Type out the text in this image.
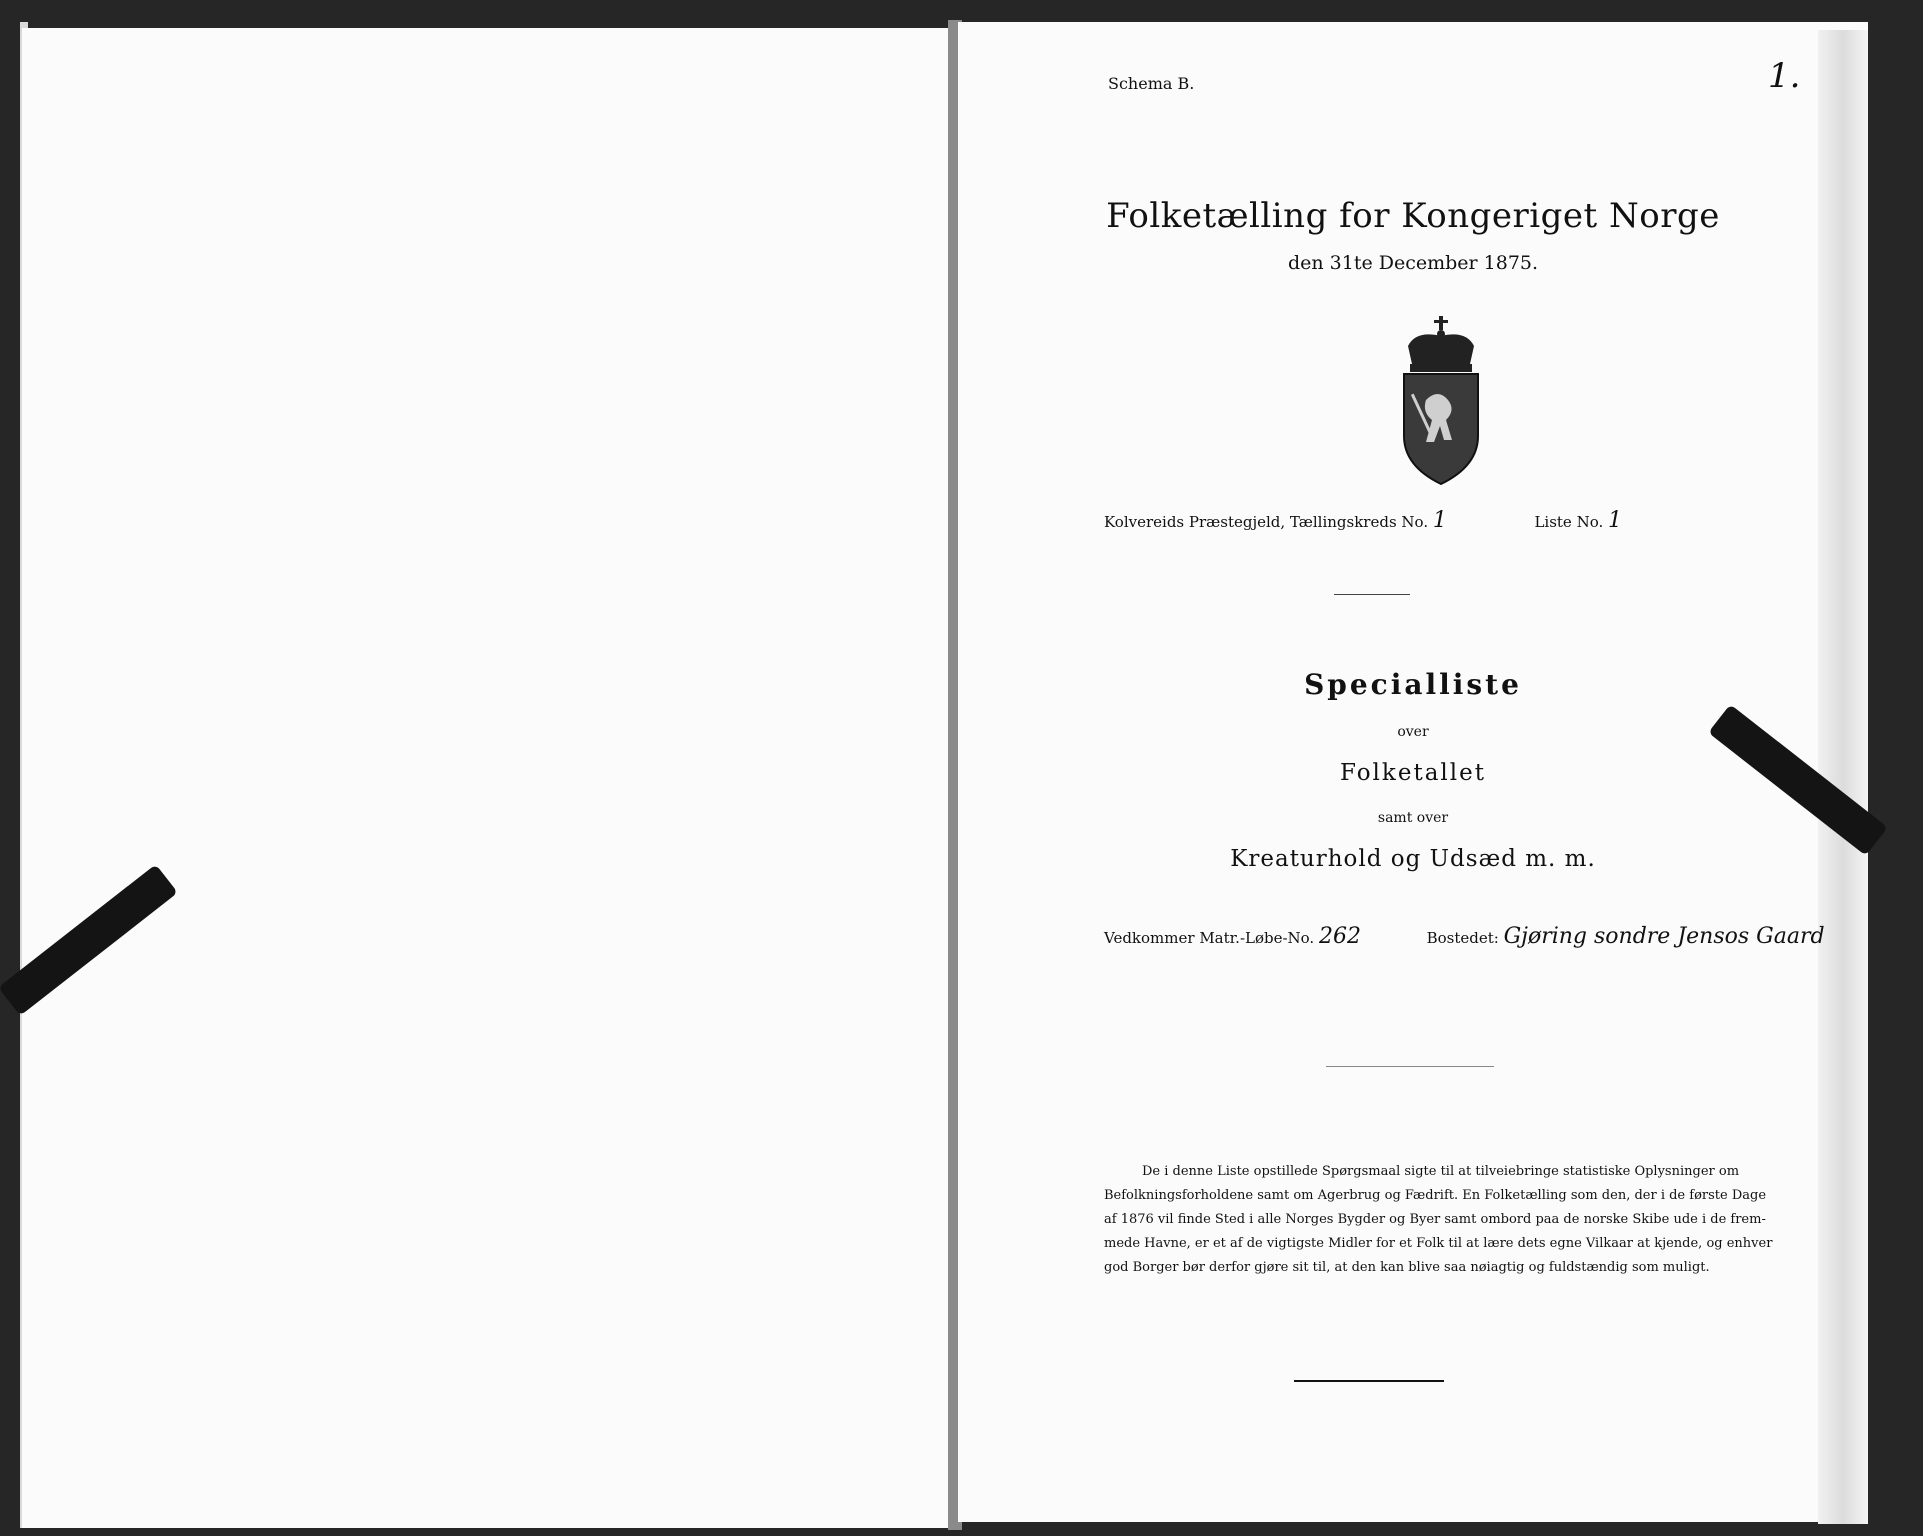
Schema B.	1.
Folketælling for Kongeriget Norge
den 31te December 1875.
Kolvereids Præstegjeld, Tællingskreds No. 1	Liste No. 1
Specialliste
over
Folketallet
samt over
Kreaturhold og Udsæd m. m.
Vedkommer Matr.-Løbe-No. 262	Bostedet: Gjøring sondre Jensos Gaard
De i denne Liste opstillede Spørgsmaal sigte til at tilveiebringe statistiske Oplysninger om
Befolkningsforholdene samt om Agerbrug og Fædrift. En Folketælling som den, der i de første Dage
af 1876 vil finde Sted i alle Norges Bygder og Byer samt ombord paa de norske Skibe ude i de frem-
mede Havne, er et af de vigtigste Midler for et Folk til at lære dets egne Vilkaar at kjende, og enhver
god Borger bør derfor gjøre sit til, at den kan blive saa nøiagtig og fuldstændig som muligt.
